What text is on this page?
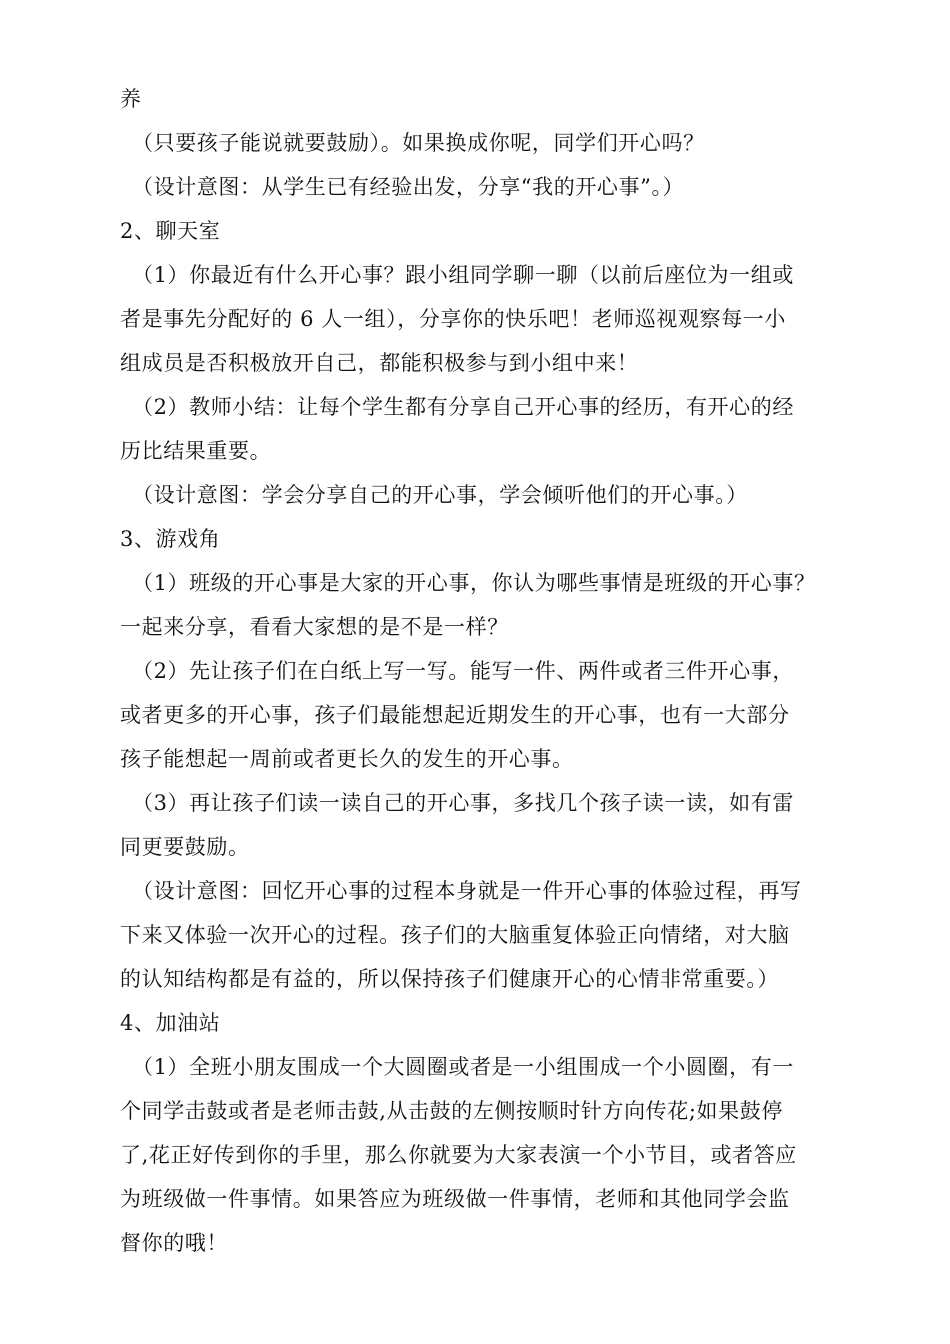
养
（只要孩子能说就要鼓励）。如果换成你呢，同学们开心吗？
（设计意图：从学生已有经验出发，分享“我的开心事”。）
2、聊天室
（1）你最近有什么开心事？跟小组同学聊一聊（以前后座位为一组或
者是事先分配好的 6 人一组），分享你的快乐吧！老师巡视观察每一小
组成员是否积极放开自己，都能积极参与到小组中来！
（2）教师小结：让每个学生都有分享自己开心事的经历，有开心的经
历比结果重要。
（设计意图：学会分享自己的开心事，学会倾听他们的开心事。）
3、游戏角
（1）班级的开心事是大家的开心事，你认为哪些事情是班级的开心事？
一起来分享，看看大家想的是不是一样？
（2）先让孩子们在白纸上写一写。能写一件、两件或者三件开心事，
或者更多的开心事，孩子们最能想起近期发生的开心事，也有一大部分
孩子能想起一周前或者更长久的发生的开心事。
（3）再让孩子们读一读自己的开心事，多找几个孩子读一读，如有雷
同更要鼓励。
（设计意图：回忆开心事的过程本身就是一件开心事的体验过程，再写
下来又体验一次开心的过程。孩子们的大脑重复体验正向情绪，对大脑
的认知结构都是有益的，所以保持孩子们健康开心的心情非常重要。）
4、加油站
（1）全班小朋友围成一个大圆圈或者是一小组围成一个小圆圈，有一
个同学击鼓或者是老师击鼓,从击鼓的左侧按顺时针方向传花;如果鼓停
了,花正好传到你的手里，那么你就要为大家表演一个小节目，或者答应
为班级做一件事情。如果答应为班级做一件事情，老师和其他同学会监
督你的哦！
